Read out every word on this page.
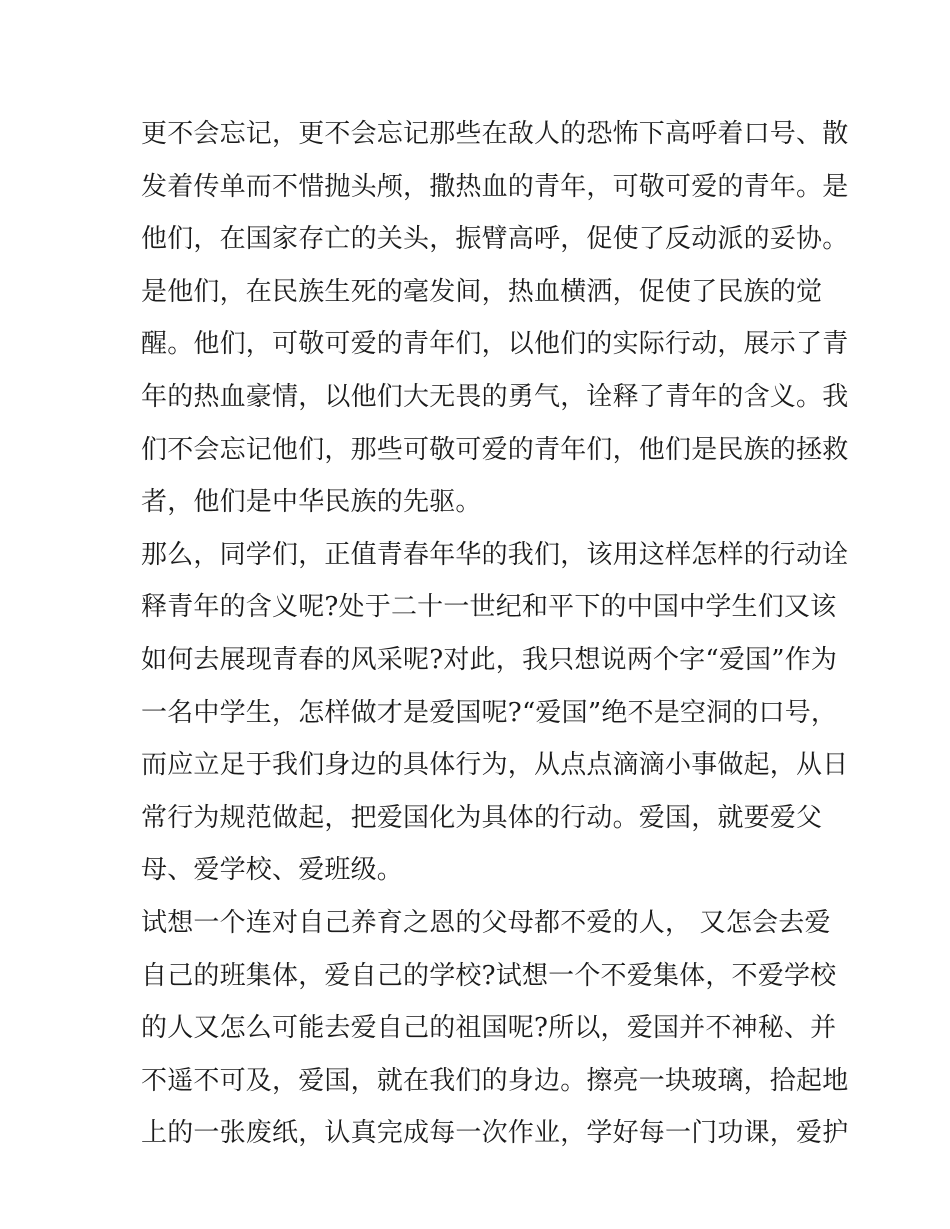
更不会忘记，更不会忘记那些在敌人的恐怖下高呼着口号、散
发着传单而不惜抛头颅，撒热血的青年，可敬可爱的青年。是
他们，在国家存亡的关头，振臂高呼，促使了反动派的妥协。
是他们，在民族生死的毫发间，热血横洒，促使了民族的觉
醒。他们，可敬可爱的青年们，以他们的实际行动，展示了青
年的热血豪情，以他们大无畏的勇气，诠释了青年的含义。我
们不会忘记他们，那些可敬可爱的青年们，他们是民族的拯救
者，他们是中华民族的先驱。
那么，同学们，正值青春年华的我们，该用这样怎样的行动诠
释青年的含义呢?处于二十一世纪和平下的中国中学生们又该
如何去展现青春的风采呢?对此，我只想说两个字“爱国”作为
一名中学生，怎样做才是爱国呢?“爱国”绝不是空洞的口号，
而应立足于我们身边的具体行为，从点点滴滴小事做起，从日
常行为规范做起，把爱国化为具体的行动。爱国，就要爱父
母、爱学校、爱班级。
试想一个连对自己养育之恩的父母都不爱的人， 又怎会去爱
自己的班集体，爱自己的学校?试想一个不爱集体，不爱学校
的人又怎么可能去爱自己的祖国呢?所以，爱国并不神秘、并
不遥不可及，爱国，就在我们的身边。擦亮一块玻璃，拾起地
上的一张废纸，认真完成每一次作业，学好每一门功课，爱护
